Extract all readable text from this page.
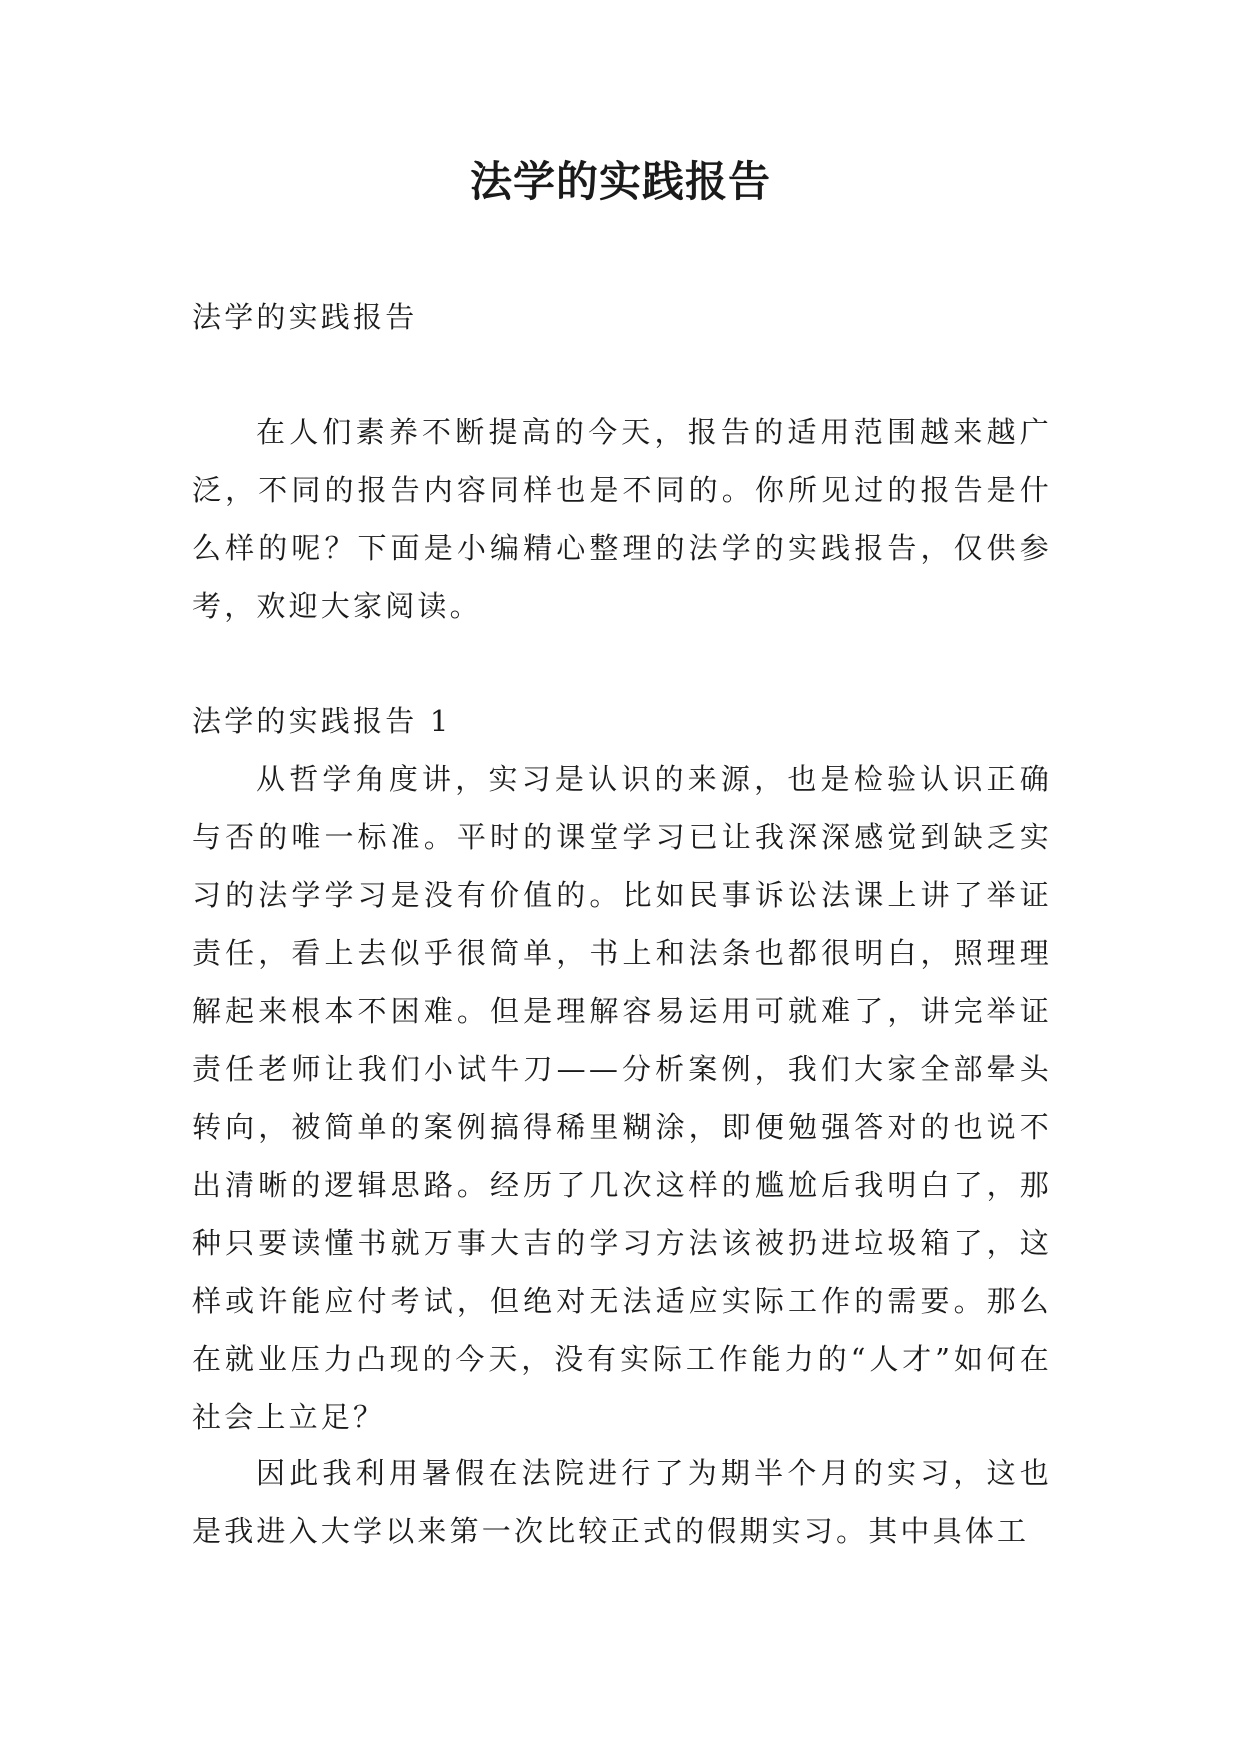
法学的实践报告

法学的实践报告

在人们素养不断提高的今天，报告的适用范围越来越广泛，不同的报告内容同样也是不同的。你所见过的报告是什么样的呢？下面是小编精心整理的法学的实践报告，仅供参考，欢迎大家阅读。

法学的实践报告 1

从哲学角度讲，实习是认识的来源，也是检验认识正确与否的唯一标准。平时的课堂学习已让我深深感觉到缺乏实习的法学学习是没有价值的。比如民事诉讼法课上讲了举证责任，看上去似乎很简单，书上和法条也都很明白，照理理解起来根本不困难。但是理解容易运用可就难了，讲完举证责任老师让我们小试牛刀——分析案例，我们大家全部晕头转向，被简单的案例搞得稀里糊涂，即便勉强答对的也说不出清晰的逻辑思路。经历了几次这样的尴尬后我明白了，那种只要读懂书就万事大吉的学习方法该被扔进垃圾箱了，这样或许能应付考试，但绝对无法适应实际工作的需要。那么在就业压力凸现的今天，没有实际工作能力的“人才”如何在社会上立足？

因此我利用暑假在法院进行了为期半个月的实习，这也是我进入大学以来第一次比较正式的假期实习。其中具体工
